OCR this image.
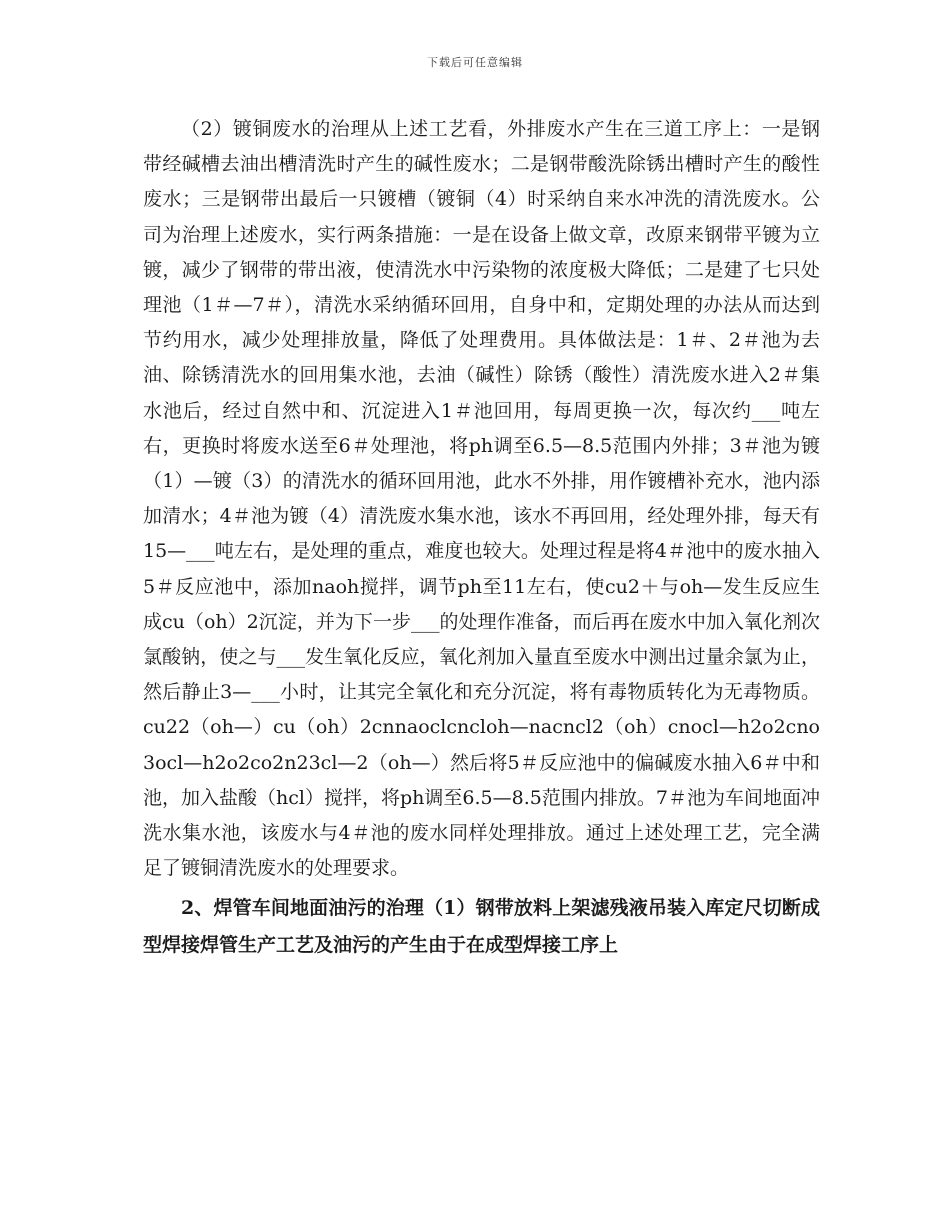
下载后可任意编辑

（2）镀铜废水的治理从上述工艺看，外排废水产生在三道工序上：一是钢带经碱槽去油出槽清洗时产生的碱性废水；二是钢带酸洗除锈出槽时产生的酸性废水；三是钢带出最后一只镀槽（镀铜（4）时采纳自来水冲洗的清洗废水。公司为治理上述废水，实行两条措施：一是在设备上做文章，改原来钢带平镀为立镀，减少了钢带的带出液，使清洗水中污染物的浓度极大降低；二是建了七只处理池（1＃—7＃），清洗水采纳循环回用，自身中和，定期处理的办法从而达到节约用水，减少处理排放量，降低了处理费用。具体做法是：1＃、2＃池为去油、除锈清洗水的回用集水池，去油（碱性）除锈（酸性）清洗废水进入2＃集水池后，经过自然中和、沉淀进入1＃池回用，每周更换一次，每次约___吨左右，更换时将废水送至6＃处理池，将ph调至6.5—8.5范围内外排；3＃池为镀（1）—镀（3）的清洗水的循环回用池，此水不外排，用作镀槽补充水，池内添加清水；4＃池为镀（4）清洗废水集水池，该水不再回用，经处理外排，每天有15—___吨左右，是处理的重点，难度也较大。处理过程是将4＃池中的废水抽入5＃反应池中，添加naoh搅拌，调节ph至11左右，使cu2＋与oh—发生反应生成cu（oh）2沉淀，并为下一步___的处理作准备，而后再在废水中加入氧化剂次氯酸钠，使之与___发生氧化反应，氧化剂加入量直至废水中测出过量余氯为止，然后静止3—___小时，让其完全氧化和充分沉淀，将有毒物质转化为无毒物质。cu22（oh—）cu（oh）2cnnaoclcncloh—nacncl2（oh）cnocl—h2o2cno3ocl—h2o2co2n23cl—2（oh—）然后将5＃反应池中的偏碱废水抽入6＃中和池，加入盐酸（hcl）搅拌，将ph调至6.5—8.5范围内排放。7＃池为车间地面冲洗水集水池，该废水与4＃池的废水同样处理排放。通过上述处理工艺，完全满足了镀铜清洗废水的处理要求。

2、焊管车间地面油污的治理（1）钢带放料上架滤残液吊装入库定尺切断成型焊接焊管生产工艺及油污的产生由于在成型焊接工序上
